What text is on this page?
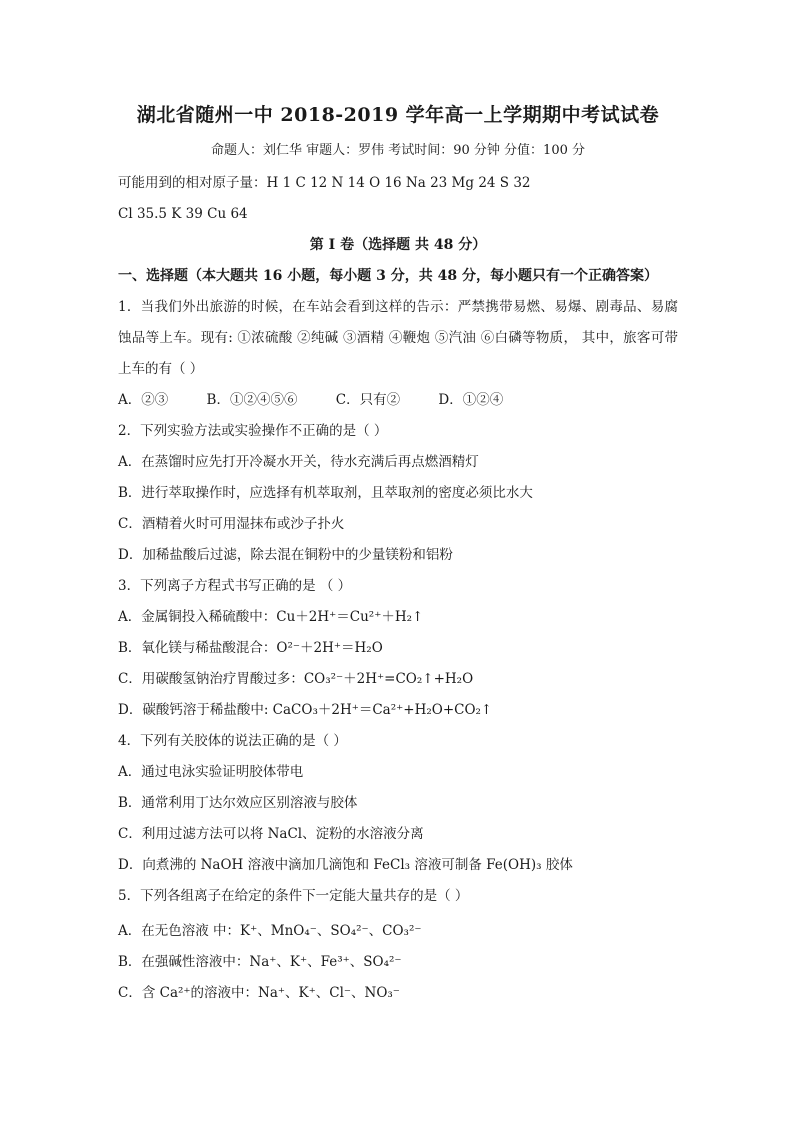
湖北省随州一中 2018-2019 学年高一上学期期中考试试卷
命题人：刘仁华 审题人：罗伟 考试时间：90 分钟 分值：100 分
可能用到的相对原子量：H 1 C 12 N 14 O 16 Na 23 Mg 24 S 32
Cl 35.5 K 39 Cu 64
第 I 卷（选择题 共 48 分）
一、选择题（本大题共 16 小题，每小题 3 分，共 48 分，每小题只有一个正确答案）
1．当我们外出旅游的时候，在车站会看到这样的告示：严禁携带易燃、易爆、剧毒品、易腐蚀品等上车。现有: ①浓硫酸 ②纯碱 ③酒精 ④鞭炮 ⑤汽油 ⑥白磷等物质， 其中，旅客可带上车的有（ ）
A．②③	B．①②④⑤⑥	C．只有②	D．①②④
2．下列实验方法或实验操作不正确的是（ ）
A．在蒸馏时应先打开冷凝水开关，待水充满后再点燃酒精灯
B．进行萃取操作时，应选择有机萃取剂，且萃取剂的密度必须比水大
C．酒精着火时可用湿抹布或沙子扑火
D．加稀盐酸后过滤，除去混在铜粉中的少量镁粉和铝粉
3．下列离子方程式书写正确的是 （ ）
A．金属铜投入稀硫酸中：Cu＋2H⁺＝Cu²⁺＋H₂↑
B．氧化镁与稀盐酸混合：O²⁻＋2H⁺＝H₂O
C．用碳酸氢钠治疗胃酸过多：CO₃²⁻＋2H⁺=CO₂↑+H₂O
D．碳酸钙溶于稀盐酸中: CaCO₃＋2H⁺＝Ca²⁺+H₂O+CO₂↑
4．下列有关胶体的说法正确的是（ ）
A．通过电泳实验证明胶体带电
B．通常利用丁达尔效应区别溶液与胶体
C．利用过滤方法可以将 NaCl、淀粉的水溶液分离
D．向煮沸的 NaOH 溶液中滴加几滴饱和 FeCl₃ 溶液可制备 Fe(OH)₃ 胶体
5．下列各组离子在给定的条件下一定能大量共存的是（ ）
A．在无色溶液 中：K⁺、MnO₄⁻、SO₄²⁻、CO₃²⁻
B．在强碱性溶液中：Na⁺、K⁺、Fe³⁺、SO₄²⁻
C．含 Ca²⁺的溶液中：Na⁺、K⁺、Cl⁻、NO₃⁻
